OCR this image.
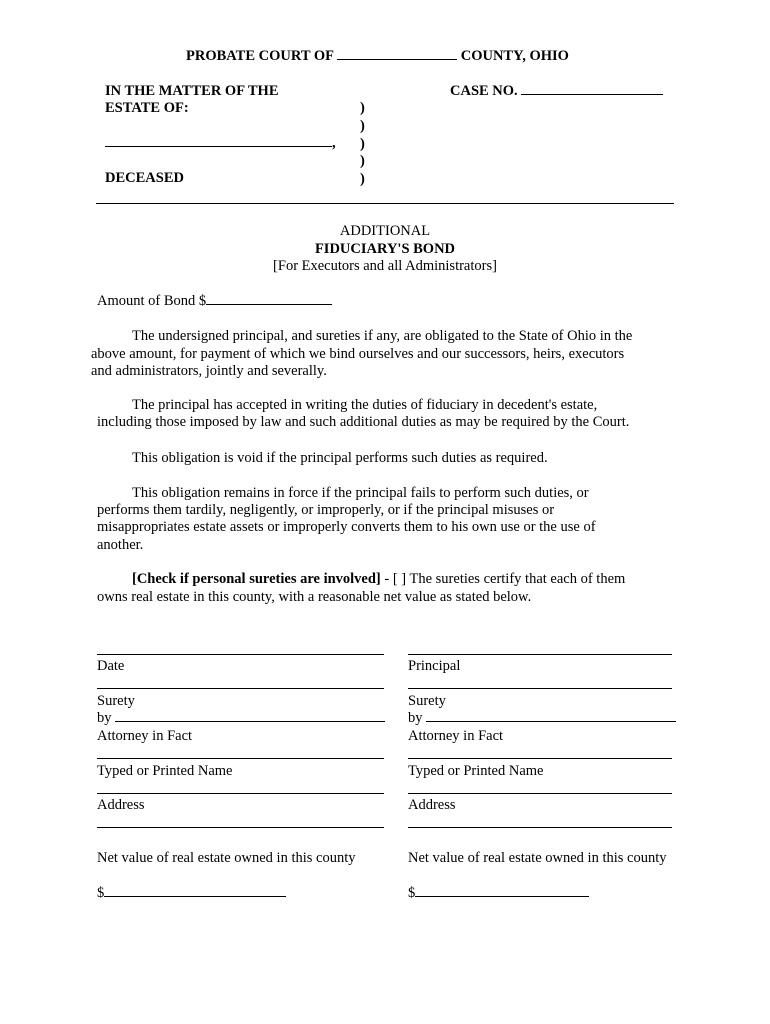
PROBATE COURT OF	COUNTY, OHIO
IN THE MATTER OF THE
ESTATE OF:
CASE NO.
)
)
)
)
)
,
DECEASED
ADDITIONAL
FIDUCIARY'S BOND
[For Executors and all Administrators]
Amount of Bond $
The undersigned principal, and sureties if any, are obligated to the State of Ohio in the
above amount, for payment of which we bind ourselves and our successors, heirs, executors
and administrators, jointly and severally.
The principal has accepted in writing the duties of fiduciary in decedent's estate,
including those imposed by law and such additional duties as may be required by the Court.
This obligation is void if the principal performs such duties as required.
This obligation remains in force if the principal fails to perform such duties, or
performs them tardily, negligently, or improperly, or if the principal misuses or
misappropriates estate assets or improperly converts them to his own use or the use of
another.
[Check if personal sureties are involved] - [ ] The sureties certify that each of them
owns real estate in this county, with a reasonable net value as stated below.
Date
Surety
by
Attorney in Fact
Typed or Printed Name
Address
Net value of real estate owned in this county
$
Principal
Surety
by
Attorney in Fact
Typed or Printed Name
Address
Net value of real estate owned in this county
$
